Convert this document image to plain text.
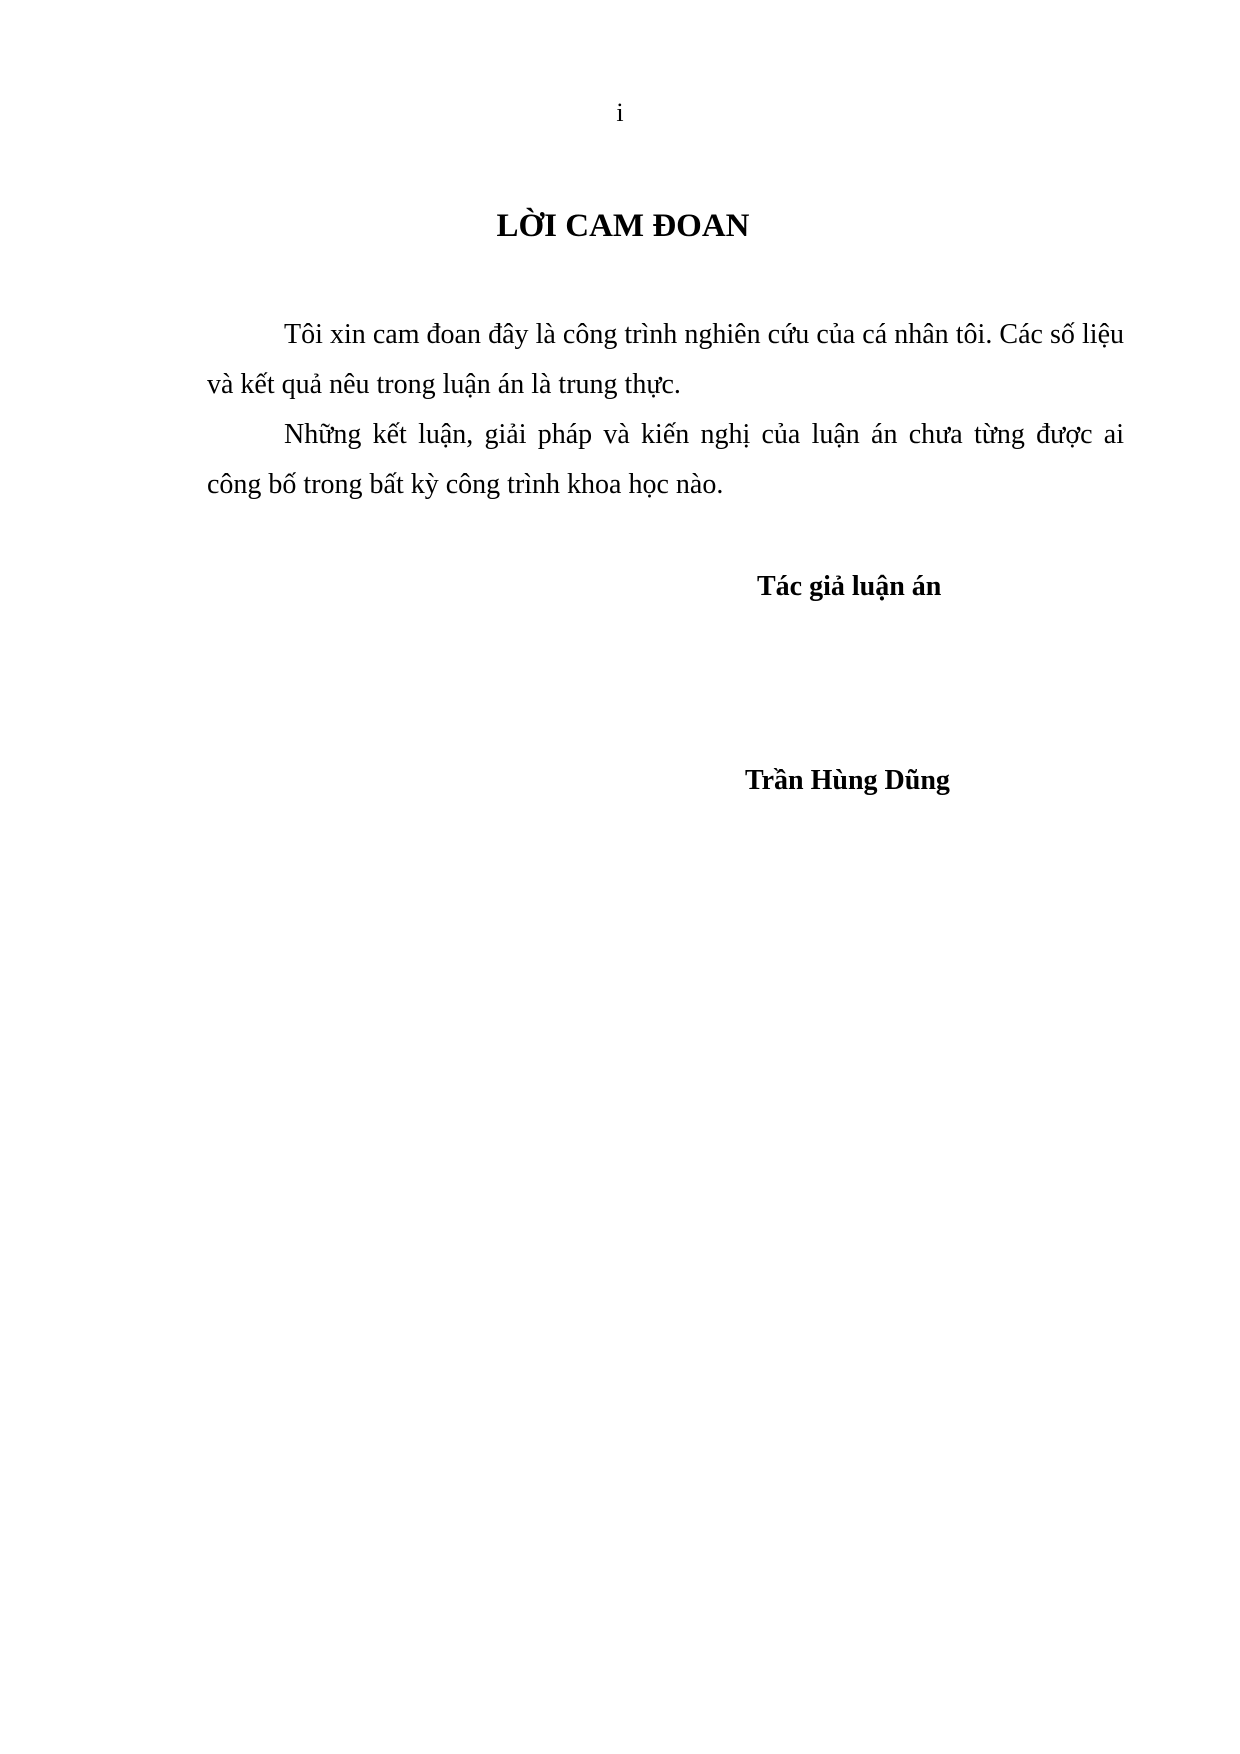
i
LỜI CAM ĐOAN

Tôi xin cam đoan đây là công trình nghiên cứu của cá nhân tôi. Các số liệu và kết quả nêu trong luận án là trung thực.

Những kết luận, giải pháp và kiến nghị của luận án chưa từng được ai công bố trong bất kỳ công trình khoa học nào.

Tác giả luận án
Trần Hùng Dũng
